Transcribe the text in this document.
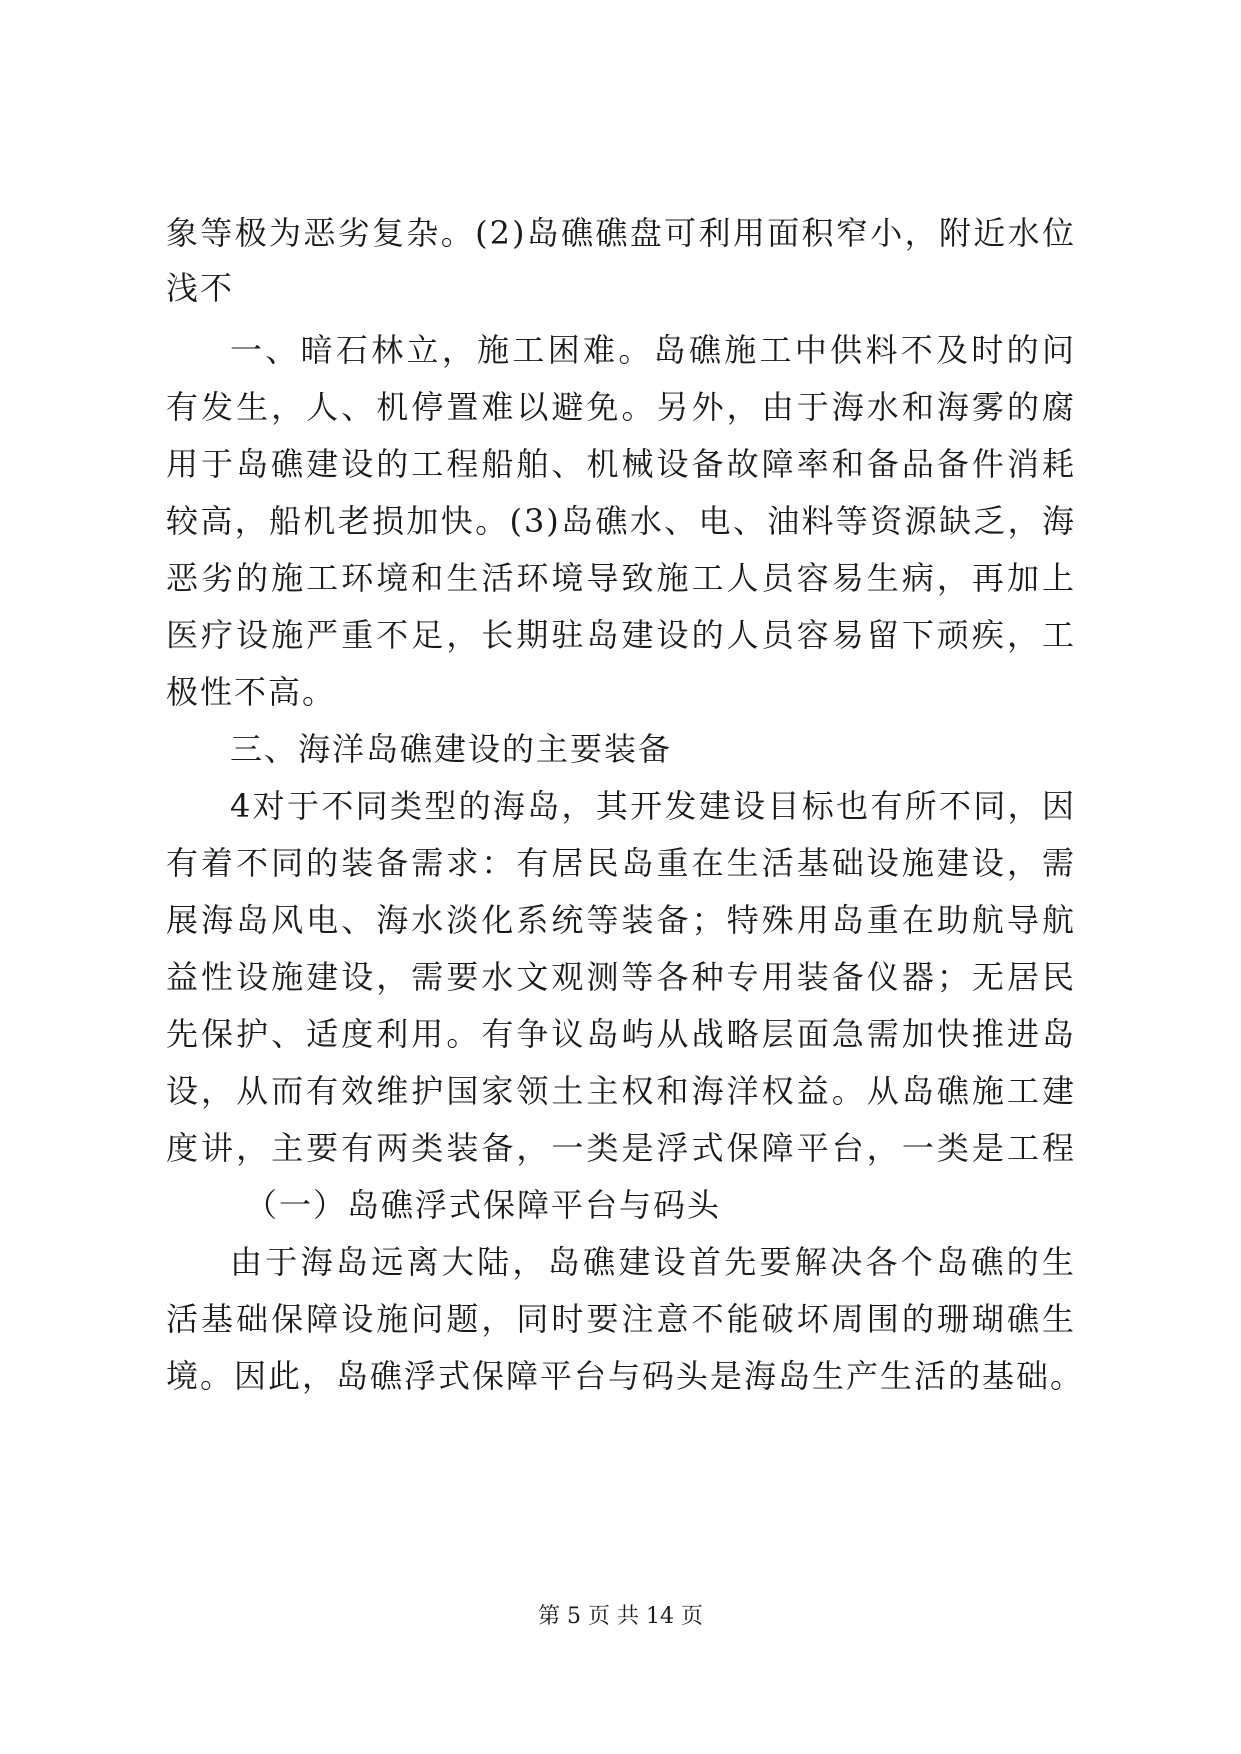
象等极为恶劣复杂。(2)岛礁礁盘可利用面积窄小，附近水位
浅不
一、暗石林立，施工困难。岛礁施工中供料不及时的问
有发生，人、机停置难以避免。另外，由于海水和海雾的腐
用于岛礁建设的工程船舶、机械设备故障率和备品备件消耗
较高，船机老损加快。(3)岛礁水、电、油料等资源缺乏，海
恶劣的施工环境和生活环境导致施工人员容易生病，再加上
医疗设施严重不足，长期驻岛建设的人员容易留下顽疾，工
极性不高。
三、海洋岛礁建设的主要装备
4对于不同类型的海岛，其开发建设目标也有所不同，因
有着不同的装备需求：有居民岛重在生活基础设施建设，需
展海岛风电、海水淡化系统等装备；特殊用岛重在助航导航
益性设施建设，需要水文观测等各种专用装备仪器；无居民
先保护、适度利用。有争议岛屿从战略层面急需加快推进岛
设，从而有效维护国家领土主权和海洋权益。从岛礁施工建
度讲，主要有两类装备，一类是浮式保障平台，一类是工程
（一）岛礁浮式保障平台与码头
由于海岛远离大陆，岛礁建设首先要解决各个岛礁的生
活基础保障设施问题，同时要注意不能破坏周围的珊瑚礁生
境。因此，岛礁浮式保障平台与码头是海岛生产生活的基础。
第 5 页 共 14 页
